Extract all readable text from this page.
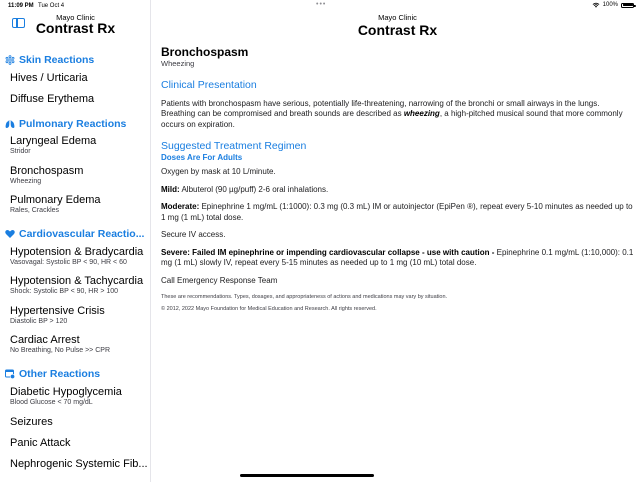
Mayo Clinic
Contrast Rx
Skin Reactions
Hives / Urticaria
Diffuse Erythema
Pulmonary Reactions
Laryngeal Edema
Stridor
Bronchospasm
Wheezing
Pulmonary Edema
Rales, Crackles
Cardiovascular Reactio...
Hypotension & Bradycardia
Vasovagal: Systolic BP < 90, HR < 60
Hypotension & Tachycardia
Shock: Systolic BP < 90, HR > 100
Hypertensive Crisis
Diastolic BP > 120
Cardiac Arrest
No Breathing, No Pulse >> CPR
Other Reactions
Diabetic Hypoglycemia
Blood Glucose < 70 mg/dL
Seizures
Panic Attack
Nephrogenic Systemic Fib...

Mayo Clinic
Contrast Rx
Bronchospasm
Wheezing
Clinical Presentation
Patients with bronchospasm have serious, potentially life-threatening, narrowing of the bronchi or small airways in the lungs. Breathing can be compromised and breath sounds are described as wheezing, a high-pitched musical sound that more commonly occurs on expiration.
Suggested Treatment Regimen
Doses Are For Adults
Oxygen by mask at 10 L/minute.
Mild: Albuterol (90 µg/puff) 2-6 oral inhalations.
Moderate: Epinephrine 1 mg/mL (1:1000): 0.3 mg (0.3 mL) IM or autoinjector (EpiPen ®), repeat every 5-10 minutes as needed up to 1 mg (1 mL) total dose.
Secure IV access.
Severe: Failed IM epinephrine or impending cardiovascular collapse - use with caution - Epinephrine 0.1 mg/mL (1:10,000): 0.1 mg (1 mL) slowly IV, repeat every 5-15 minutes as needed up to 1 mg (10 mL) total dose.
Call Emergency Response Team
These are recommendations. Types, dosages, and appropriateness of actions and medications may vary by situation.
© 2012, 2022 Mayo Foundation for Medical Education and Research. All rights reserved.
11:09 PM Tue Oct 4	•••	100%
